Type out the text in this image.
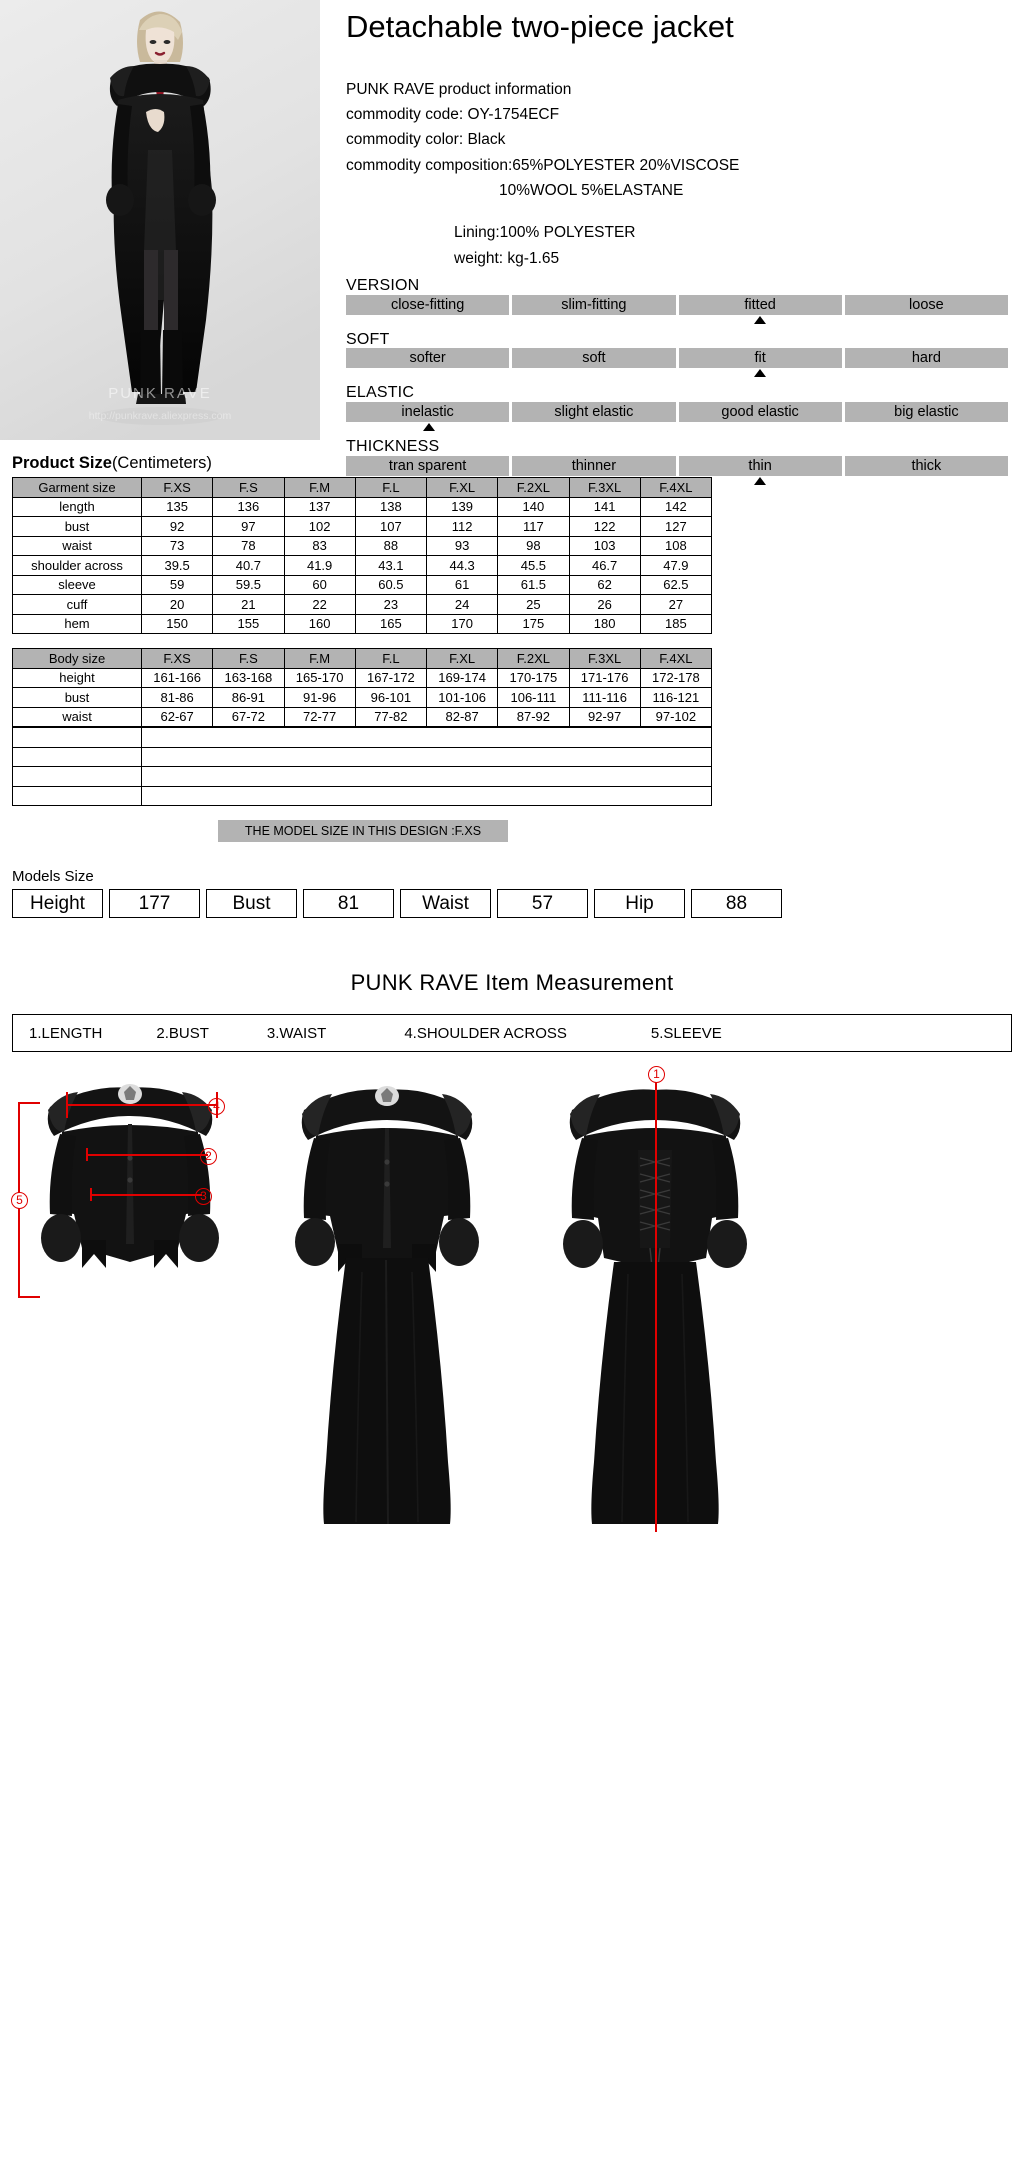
PUNK RAVE
http://punkrave.aliexpress.com
Detachable two-piece jacket
PUNK RAVE product information
commodity code: OY-1754ECF
commodity color: Black
commodity composition:65%POLYESTER 20%VISCOSE
10%WOOL 5%ELASTANE
Lining:100% POLYESTER
weight: kg-1.65
VERSION
close-fitting	slim-fitting	fitted	loose
SOFT
softer	soft	fit	hard
ELASTIC
inelastic	slight elastic	good elastic	big elastic
THICKNESS
tran sparent	thinner	thin	thick
Product Size(Centimeters)
Garment size	F.XS	F.S	F.M	F.L	F.XL	F.2XL	F.3XL	F.4XL
length	135	136	137	138	139	140	141	142
bust	92	97	102	107	112	117	122	127
waist	73	78	83	88	93	98	103	108
shoulder across	39.5	40.7	41.9	43.1	44.3	45.5	46.7	47.9
sleeve	59	59.5	60	60.5	61	61.5	62	62.5
cuff	20	21	22	23	24	25	26	27
hem	150	155	160	165	170	175	180	185
Body size	F.XS	F.S	F.M	F.L	F.XL	F.2XL	F.3XL	F.4XL
height	161-166	163-168	165-170	167-172	169-174	170-175	171-176	172-178
bust	81-86	86-91	91-96	96-101	101-106	106-111	111-116	116-121
waist	62-67	67-72	72-77	77-82	82-87	87-92	92-97	97-102

THE MODEL SIZE IN THIS DESIGN :F.XS
Models Size
Height	177	Bust	81	Waist	57	Hip	88
PUNK RAVE Item Measurement
1.LENGTH	2.BUST	3.WAIST	4.SHOULDER ACROSS	5.SLEEVE
4
2
3
5
1
